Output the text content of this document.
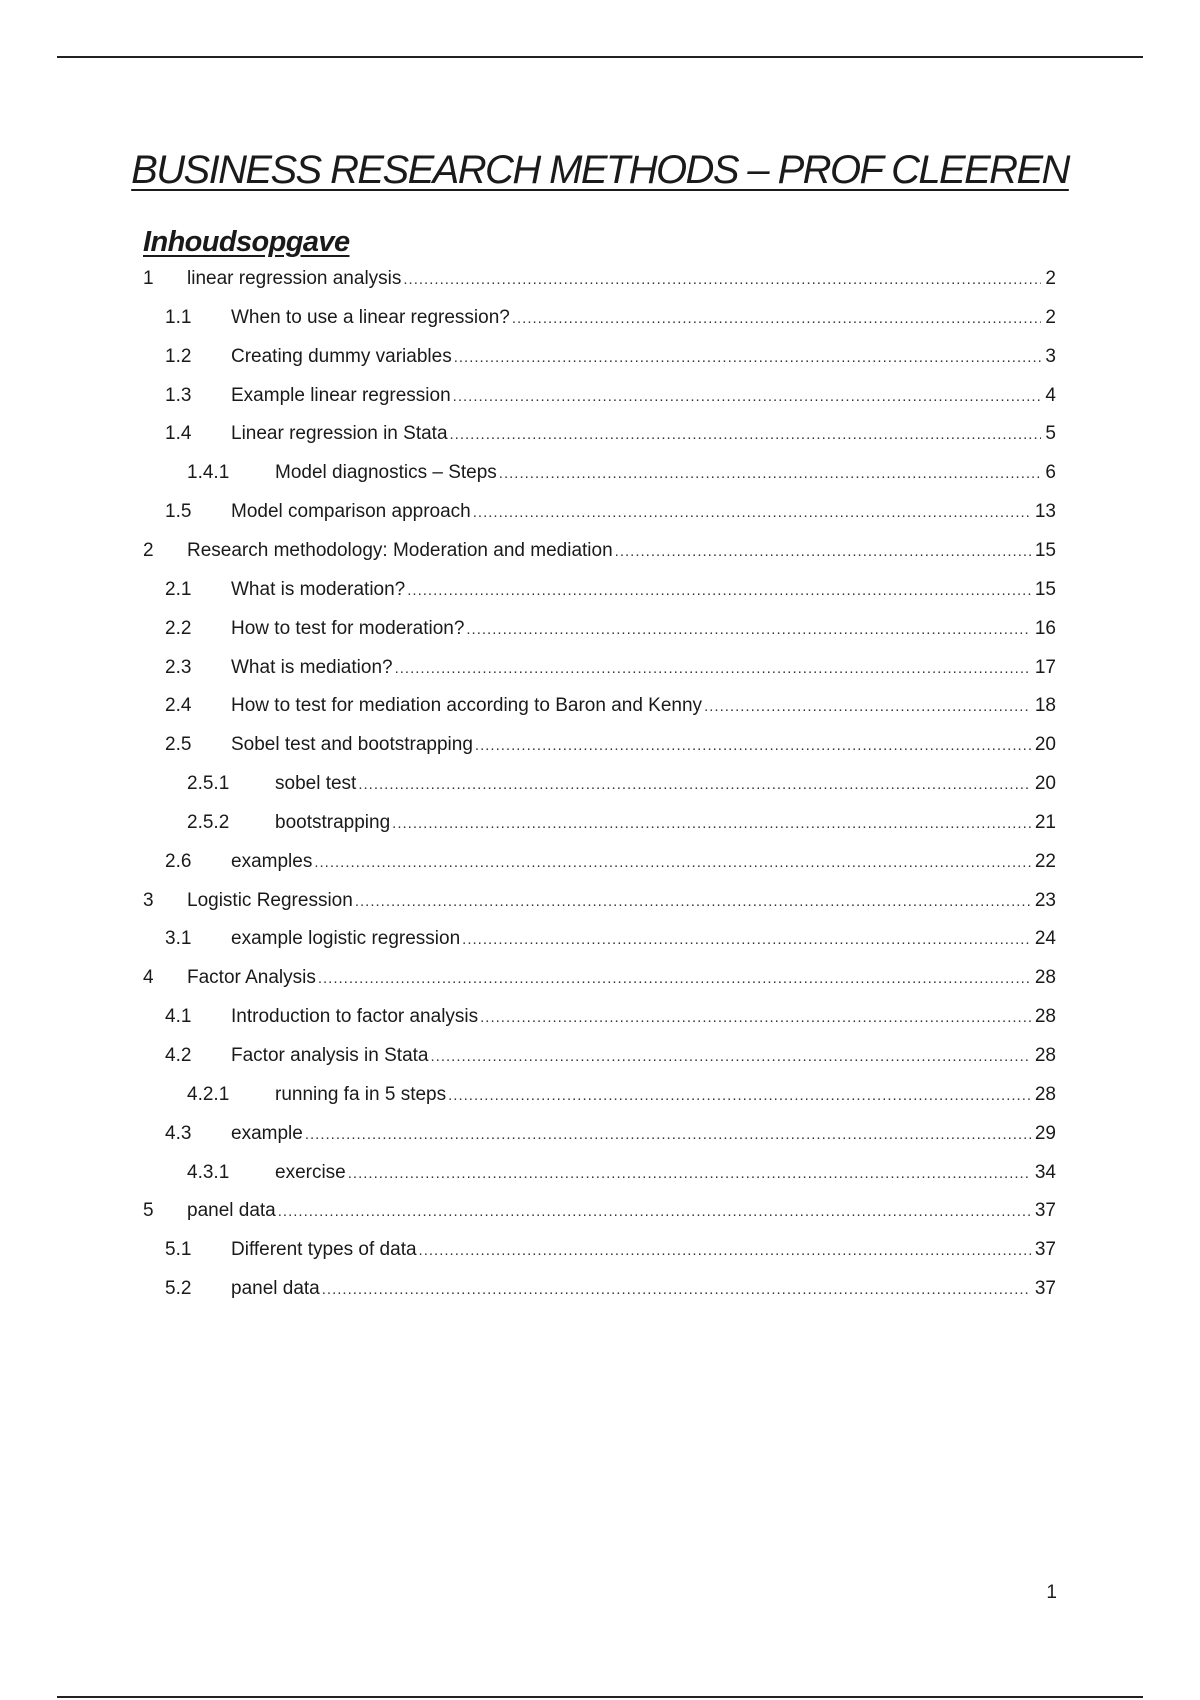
BUSINESS RESEARCH METHODS – PROF CLEEREN
Inhoudsopgave
1 linear regression analysis .....	2
1.1 When to use a linear regression? .....	2
1.2 Creating dummy variables .....	3
1.3 Example linear regression .....	4
1.4 Linear regression in Stata .....	5
1.4.1 Model diagnostics – Steps .....	6
1.5 Model comparison approach .....	13
2 Research methodology: Moderation and mediation .....	15
2.1 What is moderation? .....	15
2.2 How to test for moderation? .....	16
2.3 What is mediation? .....	17
2.4 How to test for mediation according to Baron and Kenny .....	18
2.5 Sobel test and bootstrapping .....	20
2.5.1 sobel test .....	20
2.5.2 bootstrapping .....	21
2.6 examples .....	22
3 Logistic Regression .....	23
3.1 example logistic regression .....	24
4 Factor Analysis .....	28
4.1 Introduction to factor analysis .....	28
4.2 Factor analysis in Stata .....	28
4.2.1 running fa in 5 steps .....	28
4.3 example .....	29
4.3.1 exercise .....	34
5 panel data .....	37
5.1 Different types of data .....	37
5.2 panel data .....	37
1
